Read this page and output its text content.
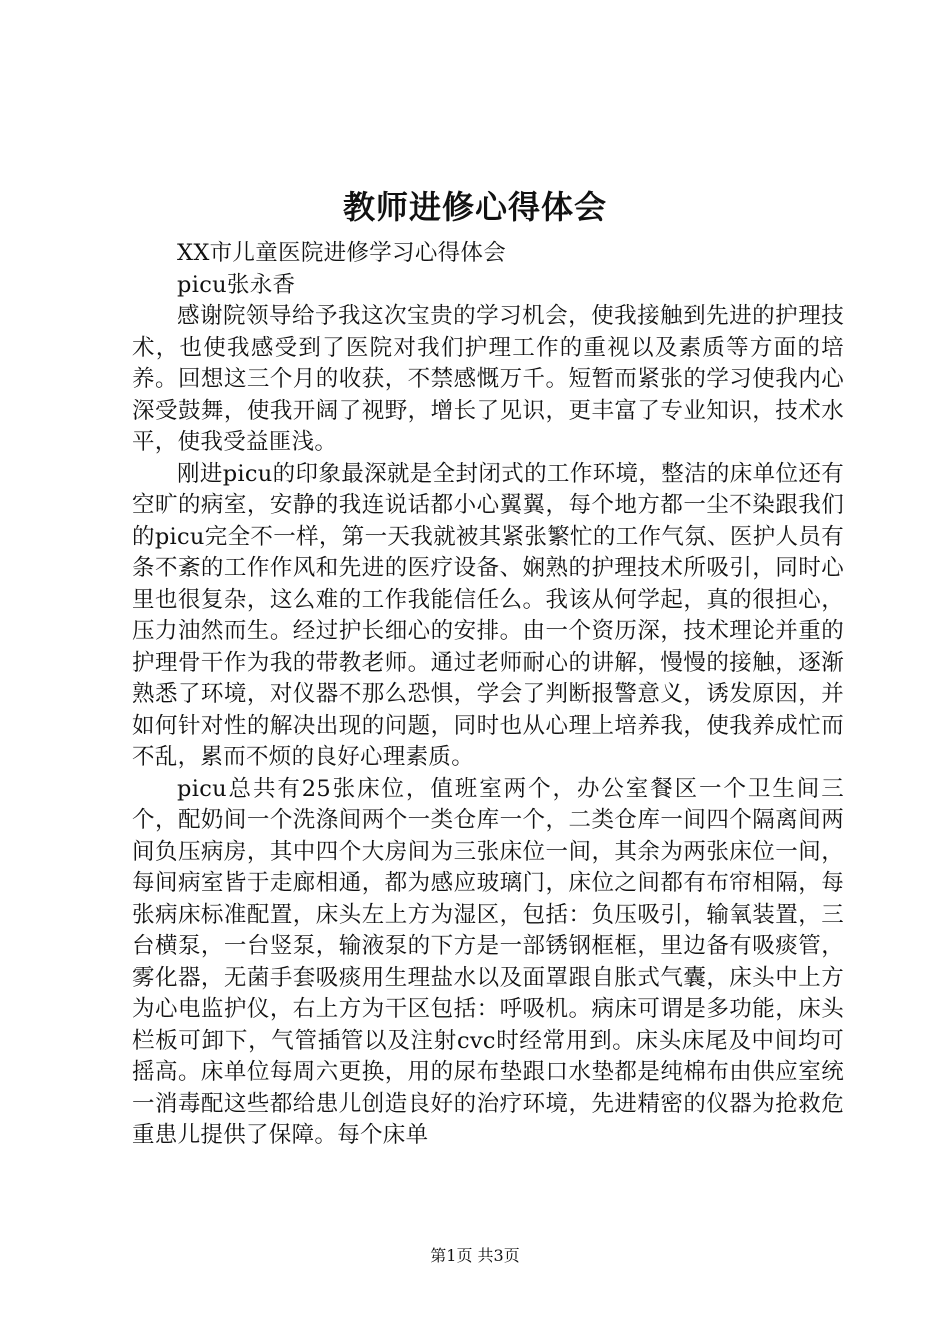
教师进修心得体会

XX市儿童医院进修学习心得体会

picu张永香

感谢院领导给予我这次宝贵的学习机会，使我接触到先进的护理技术，也使我感受到了医院对我们护理工作的重视以及素质等方面的培养。回想这三个月的收获，不禁感慨万千。短暂而紧张的学习使我内心深受鼓舞，使我开阔了视野，增长了见识，更丰富了专业知识，技术水平，使我受益匪浅。

刚进picu的印象最深就是全封闭式的工作环境，整洁的床单位还有空旷的病室，安静的我连说话都小心翼翼，每个地方都一尘不染跟我们的picu完全不一样，第一天我就被其紧张繁忙的工作气氛、医护人员有条不紊的工作作风和先进的医疗设备、娴熟的护理技术所吸引，同时心里也很复杂，这么难的工作我能信任么。我该从何学起，真的很担心，压力油然而生。经过护长细心的安排。由一个资历深，技术理论并重的护理骨干作为我的带教老师。通过老师耐心的讲解，慢慢的接触，逐渐熟悉了环境，对仪器不那么恐惧，学会了判断报警意义，诱发原因，并如何针对性的解决出现的问题，同时也从心理上培养我，使我养成忙而不乱，累而不烦的良好心理素质。

picu总共有25张床位，值班室两个，办公室餐区一个卫生间三个，配奶间一个洗涤间两个一类仓库一个，二类仓库一间四个隔离间两间负压病房，其中四个大房间为三张床位一间，其余为两张床位一间，每间病室皆于走廊相通，都为感应玻璃门，床位之间都有布帘相隔，每张病床标准配置，床头左上方为湿区，包括：负压吸引，输氧装置，三台横泵，一台竖泵，输液泵的下方是一部锈钢框框，里边备有吸痰管，雾化器，无菌手套吸痰用生理盐水以及面罩跟自胀式气囊，床头中上方为心电监护仪，右上方为干区包括：呼吸机。病床可谓是多功能，床头栏板可卸下，气管插管以及注射cvc时经常用到。床头床尾及中间均可摇高。床单位每周六更换，用的尿布垫跟口水垫都是纯棉布由供应室统一消毒配这些都给患儿创造良好的治疗环境，先进精密的仪器为抢救危重患儿提供了保障。每个床单

第1页 共3页
